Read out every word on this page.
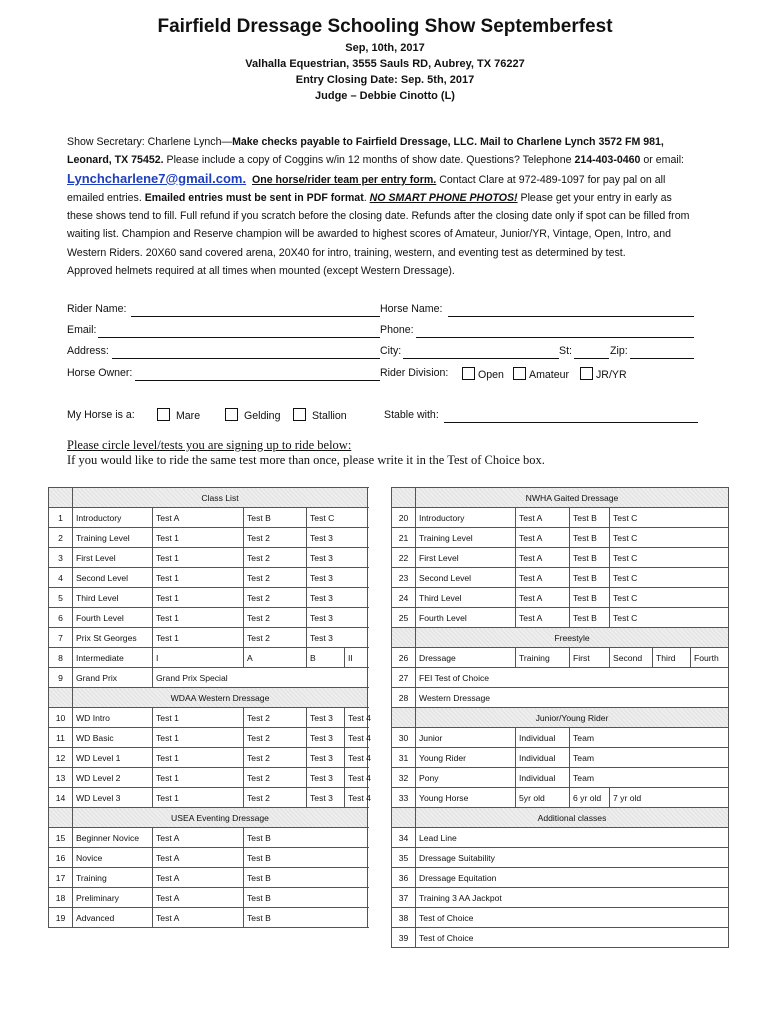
Fairfield Dressage Schooling Show Septemberfest
Sep, 10th, 2017
Valhalla Equestrian, 3555 Sauls RD, Aubrey, TX 76227
Entry Closing Date: Sep. 5th, 2017
Judge – Debbie Cinotto (L)
Show Secretary: Charlene Lynch—Make checks payable to Fairfield Dressage, LLC. Mail to Charlene Lynch 3572 FM 981, Leonard, TX 75452. Please include a copy of Coggins w/in 12 months of show date. Questions? Telephone 214-403-0460 or email: Lynchcharlene7@gmail.com. One horse/rider team per entry form. Contact Clare at 972-489-1097 for pay pal on all emailed entries. Emailed entries must be sent in PDF format. NO SMART PHONE PHOTOS! Please get your entry in early as these shows tend to fill. Full refund if you scratch before the closing date. Refunds after the closing date only if spot can be filled from waiting list. Champion and Reserve champion will be awarded to highest scores of Amateur, Junior/YR, Vintage, Open, Intro, and Western Riders. 20X60 sand covered arena, 20X40 for intro, training, western, and eventing test as determined by test.
Approved helmets required at all times when mounted (except Western Dressage).
Rider Name:	Horse Name:
Email:	Phone:
Address:	City:	St:	Zip:
Horse Owner:	Rider Division:	Open	Amateur	JR/YR
My Horse is a:	Mare	Gelding	Stallion	Stable with:
Please circle level/tests you are signing up to ride below:
If you would like to ride the same test more than once, please write it in the Test of Choice box.
	Class List				
1	Introductory	Test A	Test B	Test C	
2	Training Level	Test 1	Test 2	Test 3	
3	First Level	Test 1	Test 2	Test 3	
4	Second Level	Test 1	Test 2	Test 3	
5	Third Level	Test 1	Test 2	Test 3	
6	Fourth Level	Test 1	Test 2	Test 3	
7	Prix St Georges	Test 1	Test 2	Test 3	
8	Intermediate	I	A	B	II
9	Grand Prix	Grand Prix Special			
	WDAA Western Dressage				
10	WD Intro	Test 1	Test 2	Test 3	Test 4
11	WD Basic	Test 1	Test 2	Test 3	Test 4
12	WD Level 1	Test 1	Test 2	Test 3	Test 4
13	WD Level 2	Test 1	Test 2	Test 3	Test 4
14	WD Level 3	Test 1	Test 2	Test 3	Test 4
	USEA Eventing Dressage				
15	Beginner Novice	Test A	Test B		
16	Novice	Test A	Test B		
17	Training	Test A	Test B		
18	Preliminary	Test A	Test B		
19	Advanced	Test A	Test B		
	NWHA Gaited Dressage					
20	Introductory	Test A	Test B	Test C		
21	Training Level	Test A	Test B	Test C		
22	First Level	Test A	Test B	Test C		
23	Second Level	Test A	Test B	Test C		
24	Third Level	Test A	Test B	Test C		
25	Fourth Level	Test A	Test B	Test C		
	Freestyle					
26	Dressage	Training	First	Second	Third	Fourth
27	FEI Test of Choice					
28	Western Dressage					
	Junior/Young Rider					
30	Junior	Individual	Team			
31	Young Rider	Individual	Team			
32	Pony	Individual	Team			
33	Young Horse	5yr old	6 yr old	7 yr old		
	Additional classes					
34	Lead Line					
35	Dressage Suitability					
36	Dressage Equitation					
37	Training 3 AA Jackpot					
38	Test of Choice					
39	Test of Choice					
